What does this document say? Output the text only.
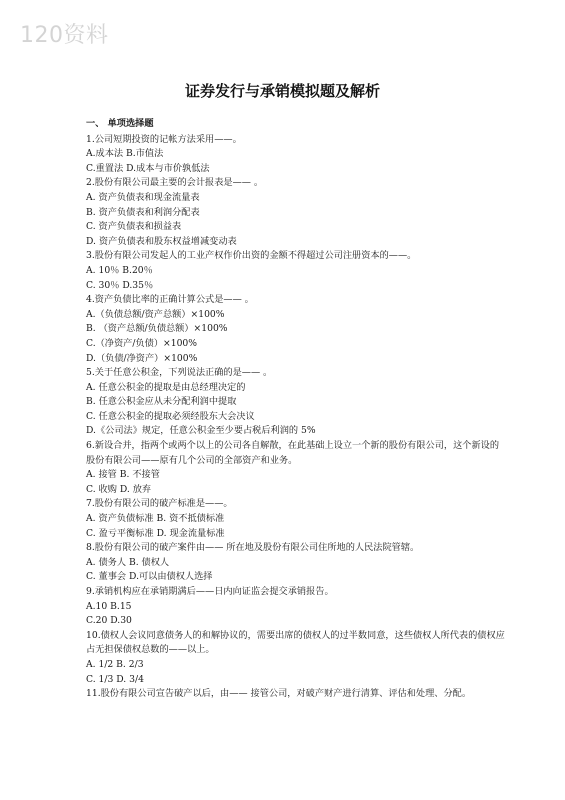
120资料
证券发行与承销模拟题及解析
一、 单项选择题
1.公司短期投资的记帐方法采用——。
A.成本法 B.市值法
C.重置法 D.成本与市价孰低法
2.股份有限公司最主要的会计报表是—— 。
A. 资产负债表和现金流量表
B. 资产负债表和利润分配表
C. 资产负债表和损益表
D. 资产负债表和股东权益增减变动表
3.股份有限公司发起人的工业产权作价出资的金额不得超过公司注册资本的——。
A. 10％ B.20％
C. 30％ D.35％
4.资产负债比率的正确计算公式是—— 。
A.（负债总额/资产总额）×100%
B. （资产总额/负债总额）×100%
C.（净资产/负债）×100%
D.（负债/净资产）×100%
5.关于任意公积金，下列说法正确的是—— 。
A. 任意公积金的提取是由总经理决定的
B. 任意公积金应从未分配利润中提取
C. 任意公积金的提取必须经股东大会决议
D.《公司法》规定，任意公积金至少要占税后利润的 5%
6.新设合并，指两个或两个以上的公司各自解散，在此基础上设立一个新的股份有限公司，这个新设的股份有限公司——原有几个公司的全部资产和业务。
A. 接管 B. 不接管
C. 收购 D. 放弃
7.股份有限公司的破产标准是——。
A. 资产负债标准 B. 资不抵债标准
C. 盈亏平衡标准 D. 现金流量标准
8.股份有限公司的破产案件由—— 所在地及股份有限公司住所地的人民法院管辖。
A. 债务人 B. 债权人
C. 董事会 D.可以由债权人选择
9.承销机构应在承销期满后——日内向证监会提交承销报告。
A.10 B.15
C.20 D.30
10.债权人会议同意债务人的和解协议的，需要出席的债权人的过半数同意，这些债权人所代表的债权应占无担保债权总数的——以上。
A. 1/2 B. 2/3
C. 1/3 D. 3/4
11.股份有限公司宣告破产以后，由—— 接管公司，对破产财产进行清算、评估和处理、分配。
